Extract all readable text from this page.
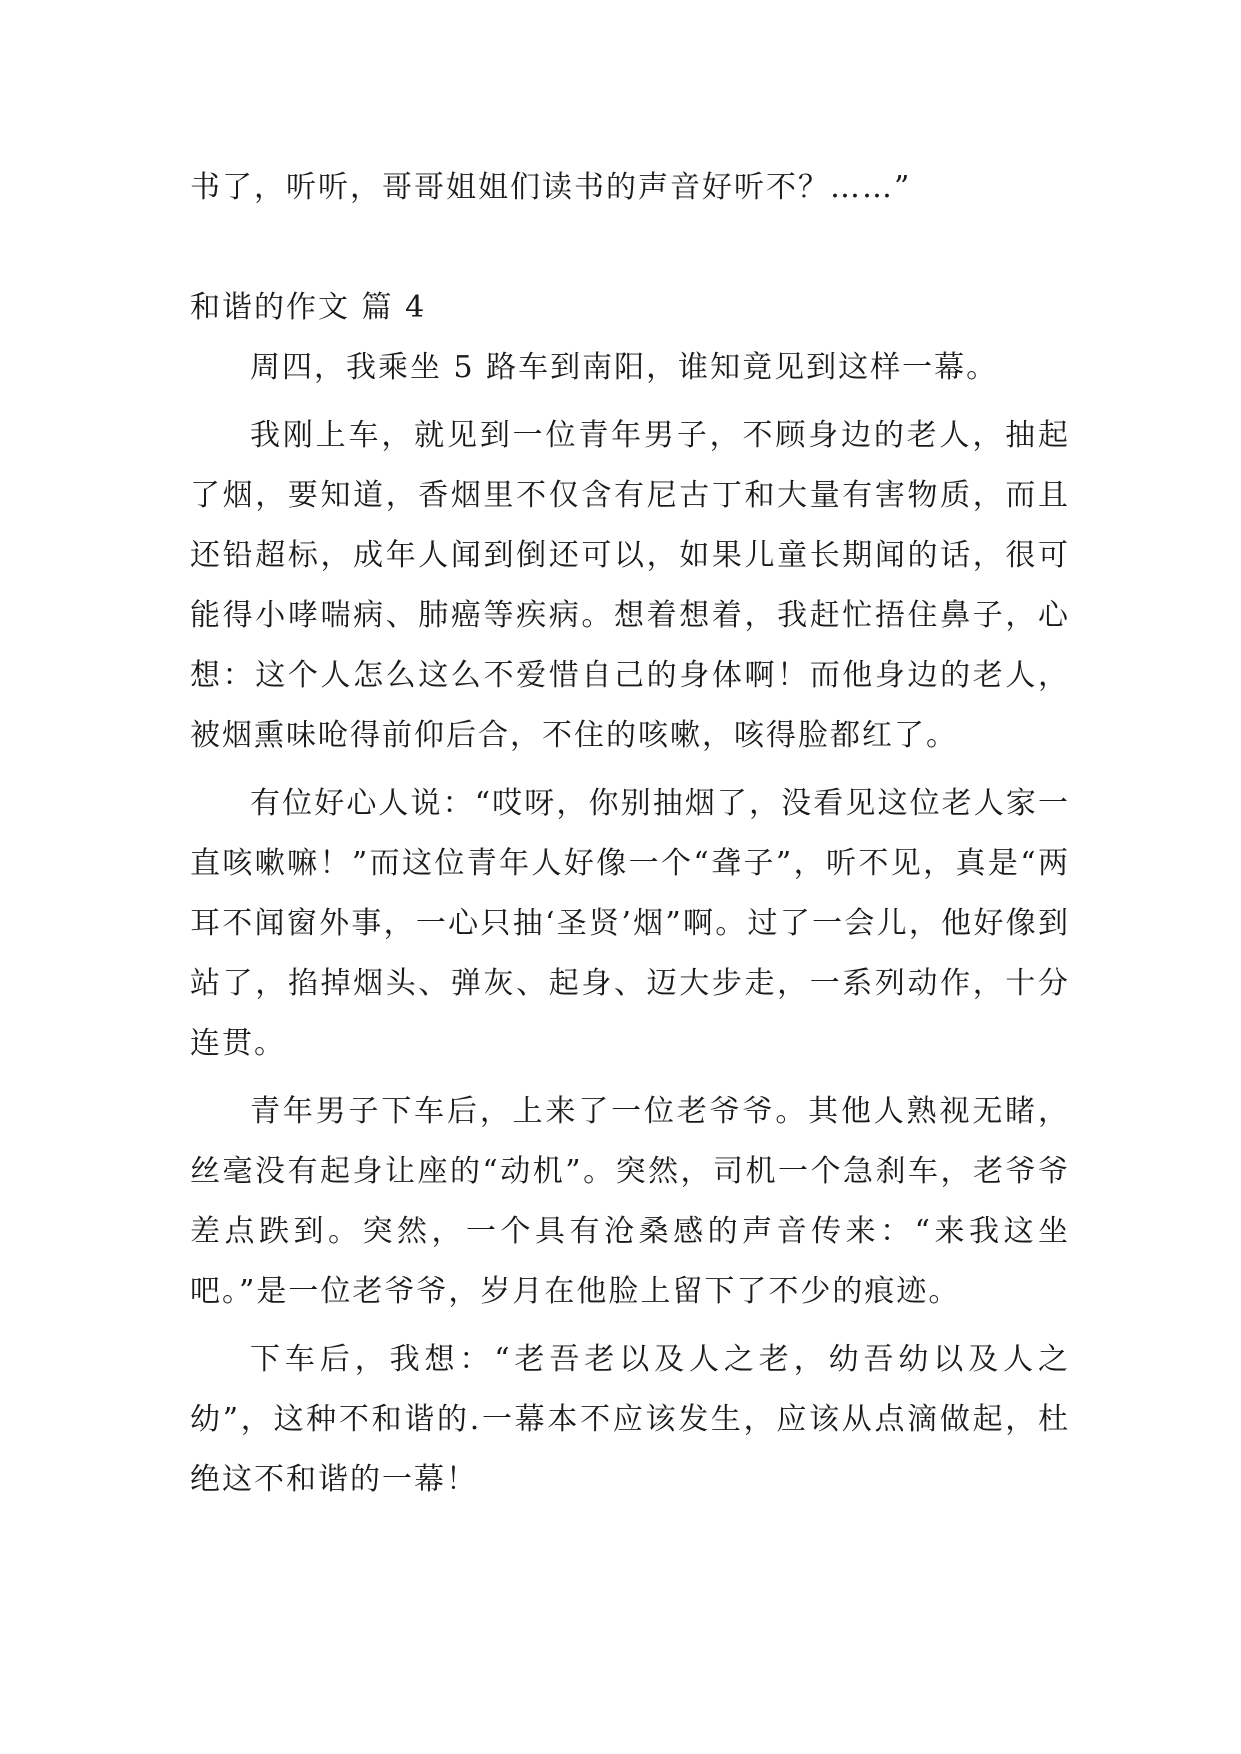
书了，听听，哥哥姐姐们读书的声音好听不？……”

和谐的作文 篇 4

周四，我乘坐 5 路车到南阳，谁知竟见到这样一幕。

我刚上车，就见到一位青年男子，不顾身边的老人，抽起了烟，要知道，香烟里不仅含有尼古丁和大量有害物质，而且还铅超标，成年人闻到倒还可以，如果儿童长期闻的话，很可能得小哮喘病、肺癌等疾病。想着想着，我赶忙捂住鼻子，心想：这个人怎么这么不爱惜自己的身体啊！而他身边的老人，被烟熏味呛得前仰后合，不住的咳嗽，咳得脸都红了。

有位好心人说：“哎呀，你别抽烟了，没看见这位老人家一直咳嗽嘛！”而这位青年人好像一个“聋子”，听不见，真是“两耳不闻窗外事，一心只抽‘圣贤’烟”啊。过了一会儿，他好像到站了，掐掉烟头、弹灰、起身、迈大步走，一系列动作，十分连贯。

青年男子下车后，上来了一位老爷爷。其他人熟视无睹，丝毫没有起身让座的“动机”。突然，司机一个急刹车，老爷爷差点跌到。突然，一个具有沧桑感的声音传来：“来我这坐吧。”是一位老爷爷，岁月在他脸上留下了不少的痕迹。

下车后，我想：“老吾老以及人之老，幼吾幼以及人之幼”，这种不和谐的.一幕本不应该发生，应该从点滴做起，杜绝这不和谐的一幕！
